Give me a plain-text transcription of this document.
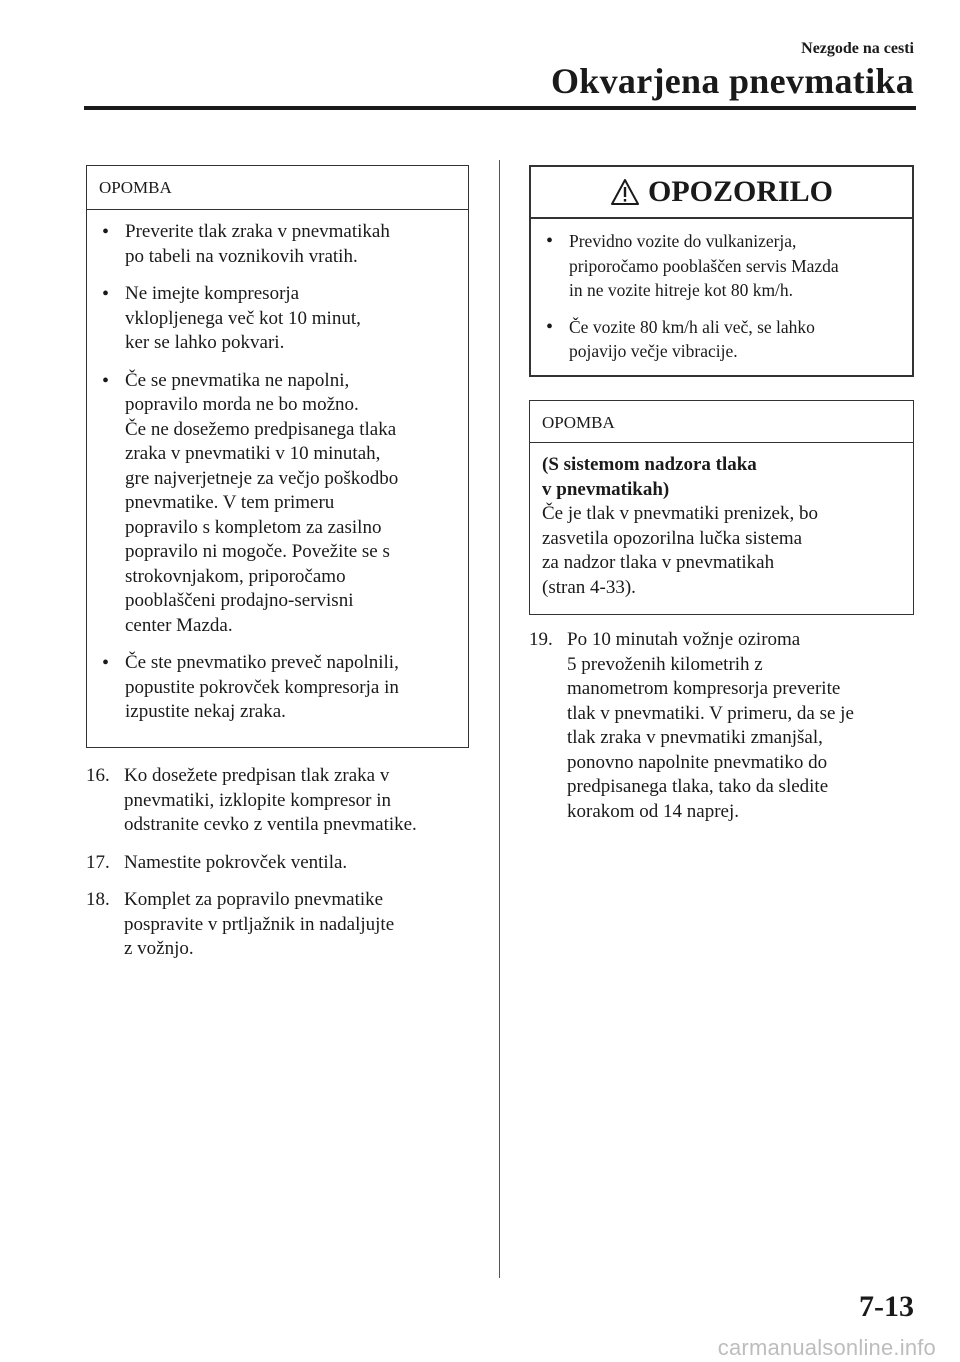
Nezgode na cesti
Okvarjena pnevmatika
OPOMBA
• Preverite tlak zraka v pnevmatikah
po tabeli na voznikovih vratih.
• Ne imejte kompresorja
vklopljenega več kot 10 minut,
ker se lahko pokvari.
• Če se pnevmatika ne napolni,
popravilo morda ne bo možno.
Če ne dosežemo predpisanega tlaka
zraka v pnevmatiki v 10 minutah,
gre najverjetneje za večjo poškodbo
pnevmatike. V tem primeru
popravilo s kompletom za zasilno
popravilo ni mogoče. Povežite se s
strokovnjakom, priporočamo
pooblaščeni prodajno-servisni
center Mazda.
• Če ste pnevmatiko preveč napolnili,
popustite pokrovček kompresorja in
izpustite nekaj zraka.
16. Ko dosežete predpisan tlak zraka v
pnevmatiki, izklopite kompresor in
odstranite cevko z ventila pnevmatike.
17. Namestite pokrovček ventila.
18. Komplet za popravilo pnevmatike
pospravite v prtljažnik in nadaljujte
z vožnjo.
OPOZORILO
• Previdno vozite do vulkanizerja,
priporočamo pooblaščen servis Mazda
in ne vozite hitreje kot 80 km/h.
• Če vozite 80 km/h ali več, se lahko
pojavijo večje vibracije.
OPOMBA
(S sistemom nadzora tlaka
v pnevmatikah)
Če je tlak v pnevmatiki prenizek, bo
zasvetila opozorilna lučka sistema
za nadzor tlaka v pnevmatikah
(stran 4-33).
19. Po 10 minutah vožnje oziroma
5 prevoženih kilometrih z
manometrom kompresorja preverite
tlak v pnevmatiki. V primeru, da se je
tlak zraka v pnevmatiki zmanjšal,
ponovno napolnite pnevmatiko do
predpisanega tlaka, tako da sledite
korakom od 14 naprej.
7-13
carmanualsonline.info
